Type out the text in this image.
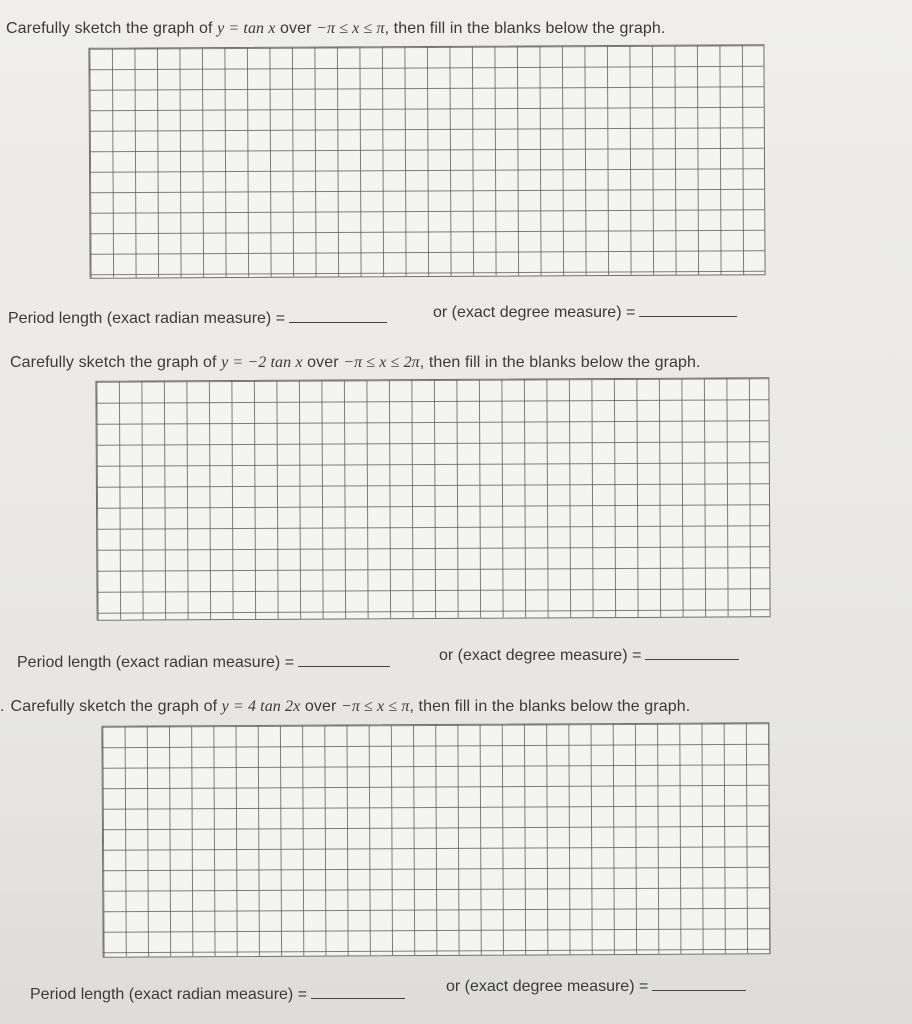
Carefully sketch the graph of y = tan x over −π ≤ x ≤ π, then fill in the blanks below the graph.
Period length (exact radian measure) =	or (exact degree measure) =
Carefully sketch the graph of y = −2 tan x over −π ≤ x ≤ 2π, then fill in the blanks below the graph.
Period length (exact radian measure) =	or (exact degree measure) =
. Carefully sketch the graph of y = 4 tan 2x over −π ≤ x ≤ π, then fill in the blanks below the graph.
Period length (exact radian measure) =	or (exact degree measure) =
